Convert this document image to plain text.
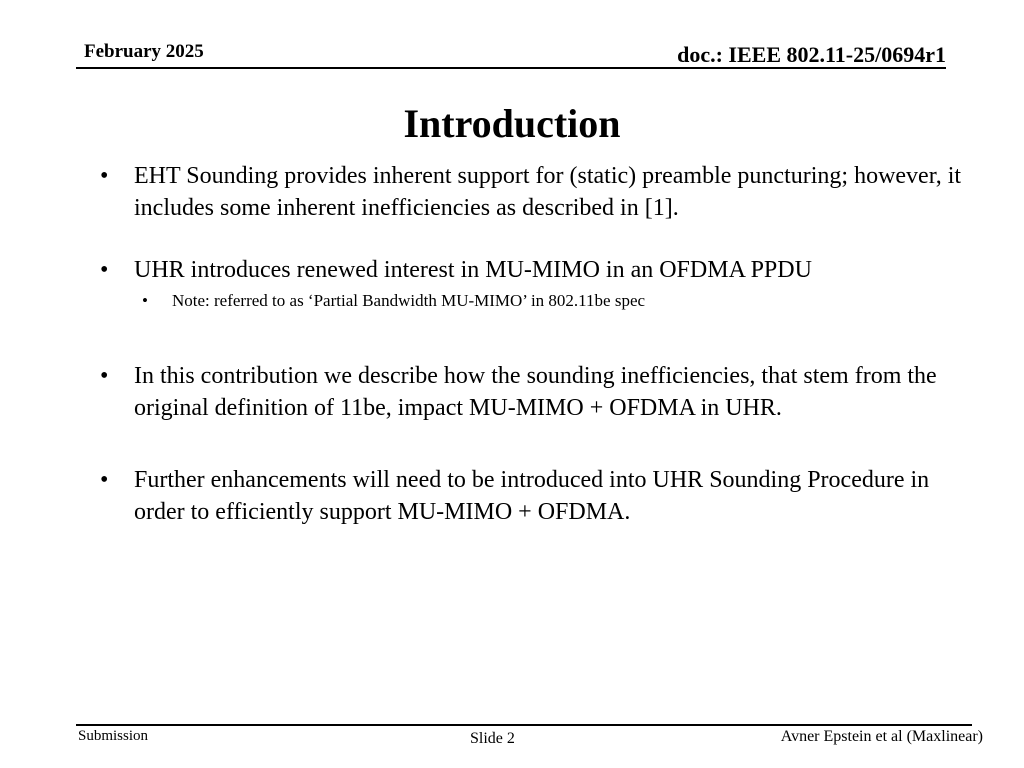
February 2025	doc.: IEEE 802.11-25/0694r1
Introduction
•	EHT Sounding provides inherent support for (static) preamble puncturing; however, it includes some inherent inefficiencies as described in [1].
•	UHR introduces renewed interest in MU-MIMO in an OFDMA PPDU
•	Note: referred to as ‘Partial Bandwidth MU-MIMO’ in 802.11be spec
•	In this contribution we describe how the sounding inefficiencies, that stem from the original definition of 11be, impact MU-MIMO + OFDMA in UHR.
•	Further enhancements will need to be introduced into UHR Sounding Procedure in order to efficiently support MU-MIMO + OFDMA.
Submission	Slide 2	Avner Epstein et al (Maxlinear)
